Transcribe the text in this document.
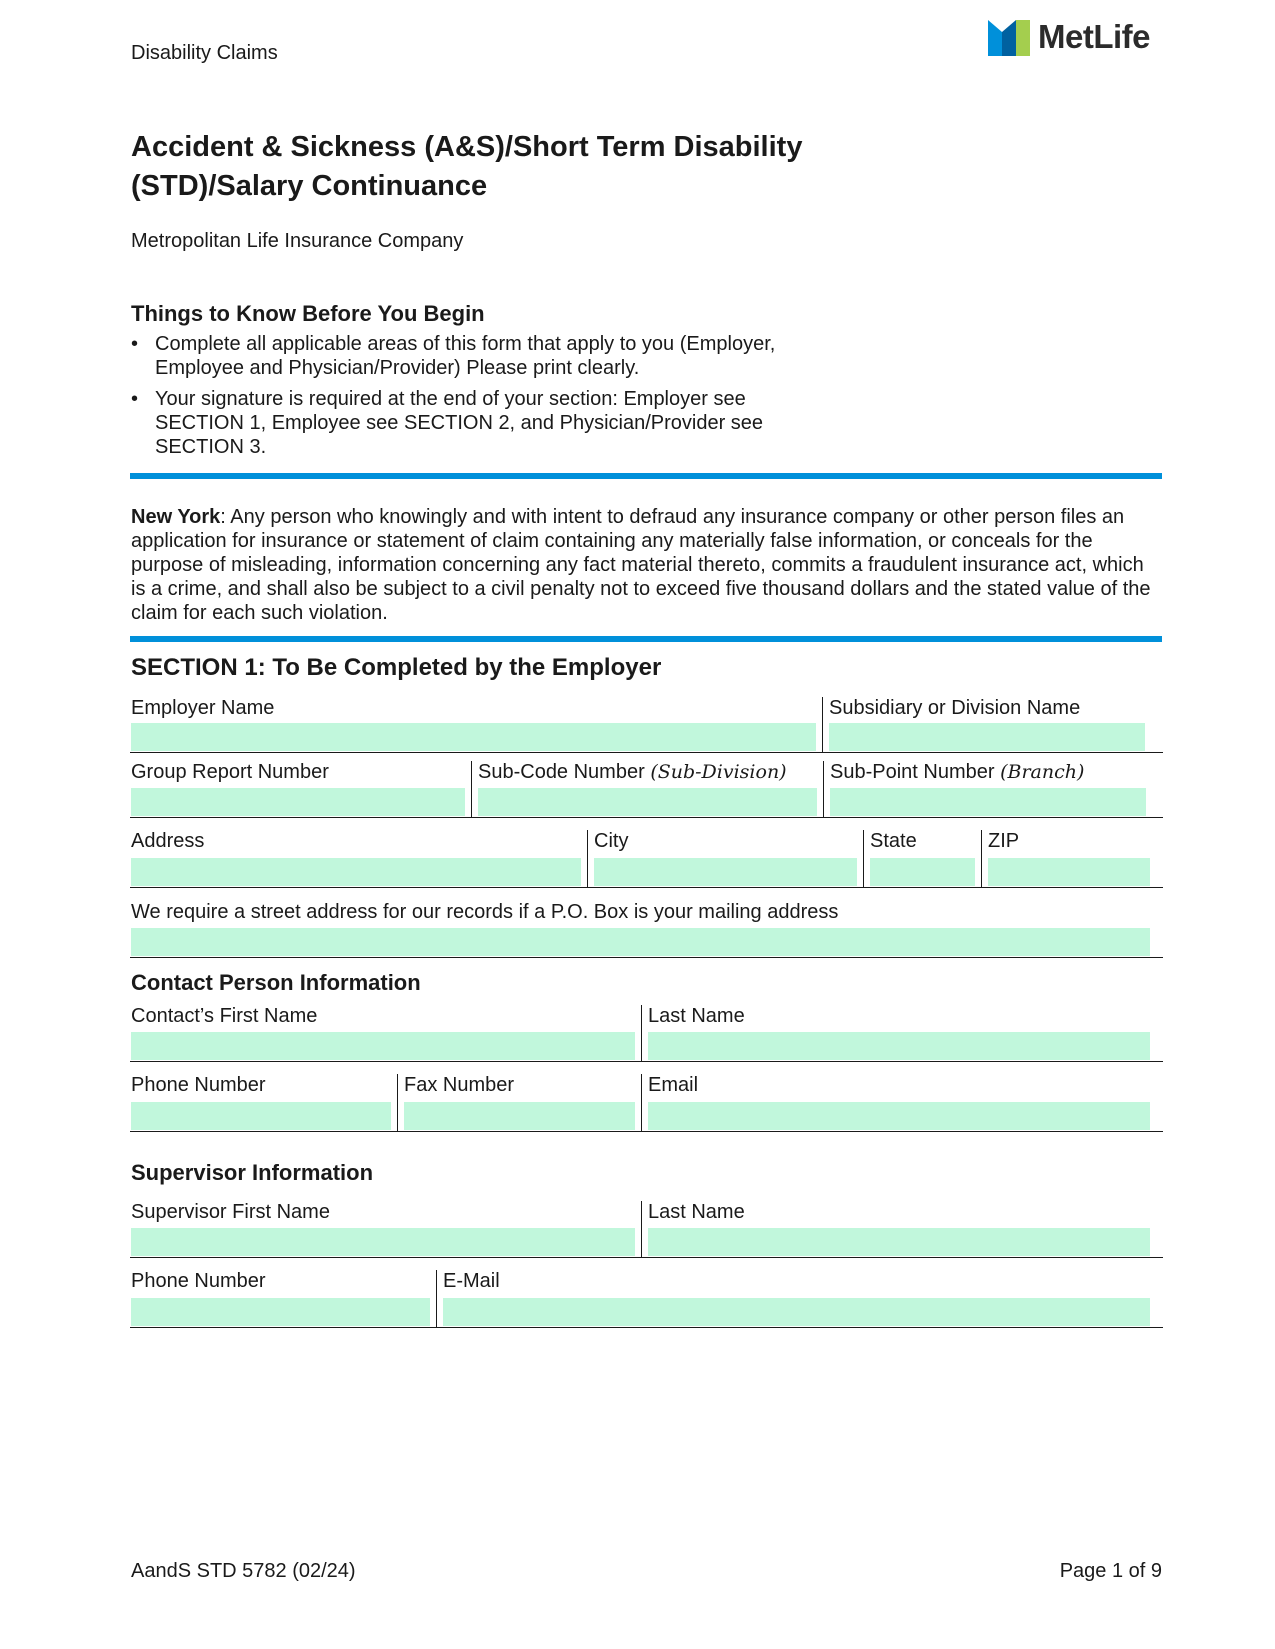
Disability Claims	MetLife
Accident & Sickness (A&S)/Short Term Disability
(STD)/Salary Continuance
Metropolitan Life Insurance Company
Things to Know Before You Begin
• Complete all applicable areas of this form that apply to you (Employer, Employee and Physician/Provider) Please print clearly.
• Your signature is required at the end of your section: Employer see SECTION 1, Employee see SECTION 2, and Physician/Provider see SECTION 3.
New York: Any person who knowingly and with intent to defraud any insurance company or other person files an application for insurance or statement of claim containing any materially false information, or conceals for the purpose of misleading, information concerning any fact material thereto, commits a fraudulent insurance act, which is a crime, and shall also be subject to a civil penalty not to exceed five thousand dollars and the stated value of the claim for each such violation.
SECTION 1: To Be Completed by the Employer
Employer Name	Subsidiary or Division Name
Group Report Number	Sub-Code Number (Sub-Division) Sub-Point Number (Branch)
Address	City	State	ZIP
We require a street address for our records if a P.O. Box is your mailing address
Contact Person Information
Contact’s First Name	Last Name
Phone Number	Fax Number	Email
Supervisor Information
Supervisor First Name	Last Name
Phone Number	E-Mail
AandS STD 5782 (02/24)	Page 1 of 9
